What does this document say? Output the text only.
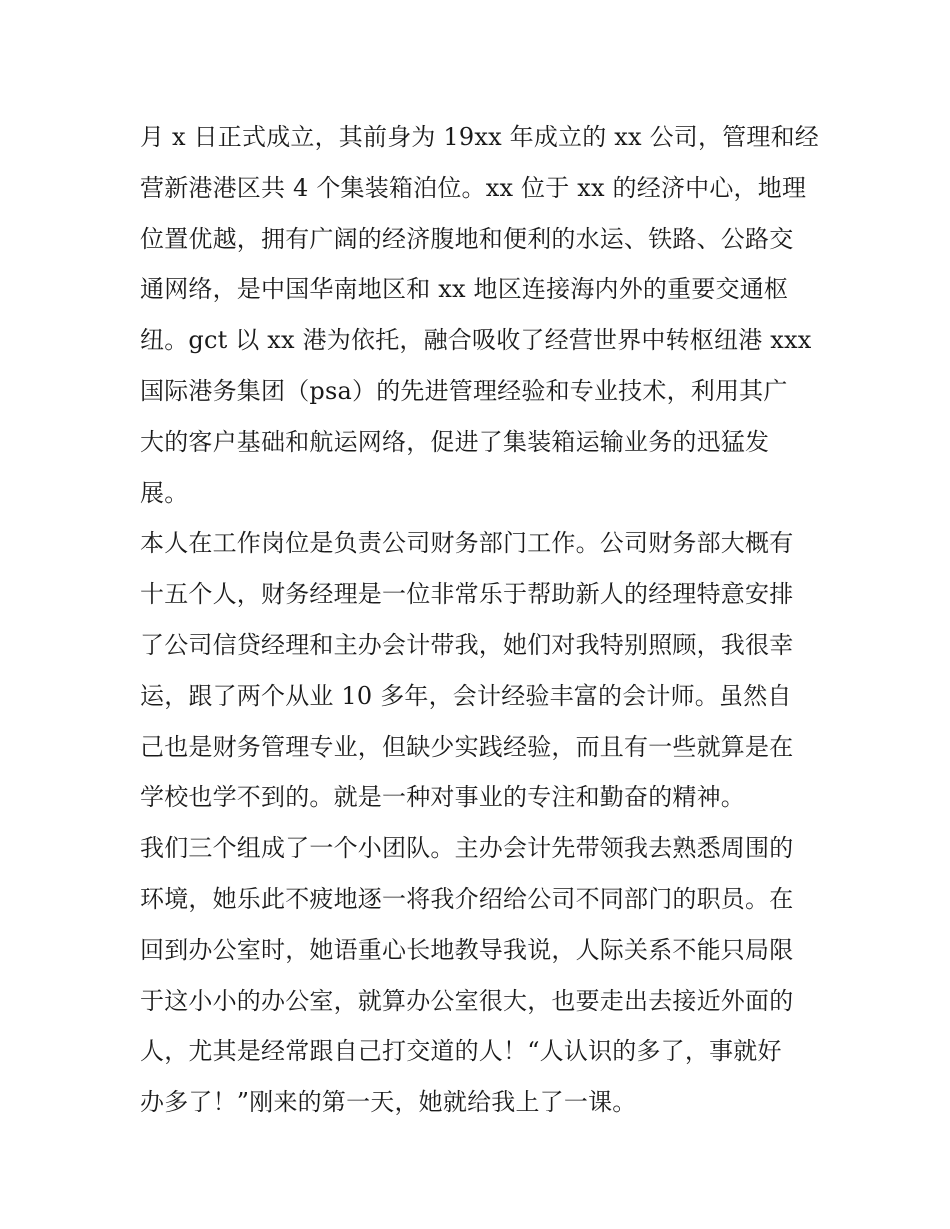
月 x 日正式成立，其前身为 19xx 年成立的 xx 公司，管理和经
营新港港区共 4 个集装箱泊位。xx 位于 xx 的经济中心，地理
位置优越，拥有广阔的经济腹地和便利的水运、铁路、公路交
通网络，是中国华南地区和 xx 地区连接海内外的重要交通枢
纽。gct 以 xx 港为依托，融合吸收了经营世界中转枢纽港 xxx
国际港务集团（psa）的先进管理经验和专业技术，利用其广
大的客户基础和航运网络，促进了集装箱运输业务的迅猛发
展。
本人在工作岗位是负责公司财务部门工作。公司财务部大概有
十五个人，财务经理是一位非常乐于帮助新人的经理特意安排
了公司信贷经理和主办会计带我，她们对我特别照顾，我很幸
运，跟了两个从业 10 多年，会计经验丰富的会计师。虽然自
己也是财务管理专业，但缺少实践经验，而且有一些就算是在
学校也学不到的。就是一种对事业的专注和勤奋的精神。
我们三个组成了一个小团队。主办会计先带领我去熟悉周围的
环境，她乐此不疲地逐一将我介绍给公司不同部门的职员。在
回到办公室时，她语重心长地教导我说，人际关系不能只局限
于这小小的办公室，就算办公室很大，也要走出去接近外面的
人，尤其是经常跟自己打交道的人！“人认识的多了，事就好
办多了！”刚来的第一天，她就给我上了一课。
